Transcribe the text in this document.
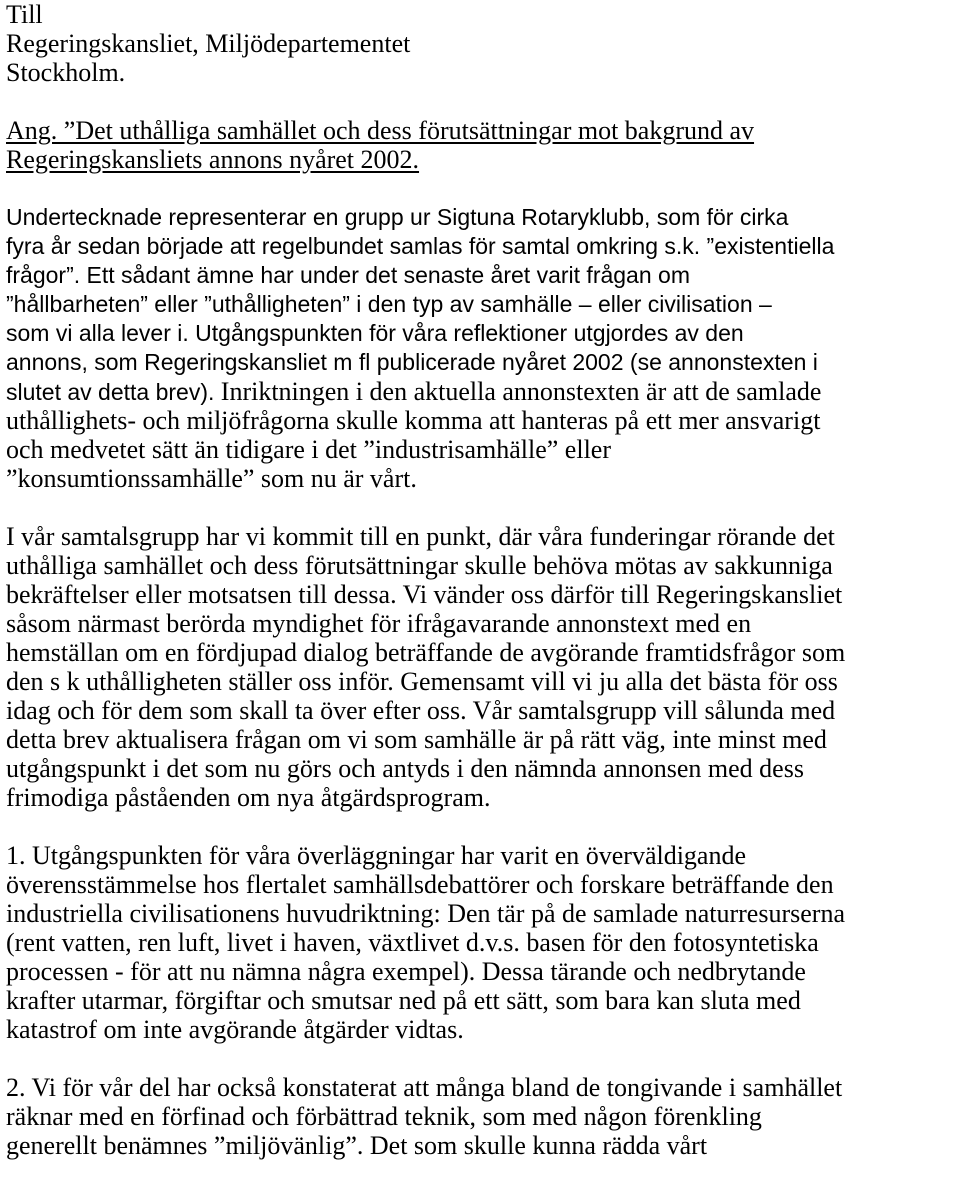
Till
Regeringskansliet, Miljödepartementet
Stockholm.
Ang. ”Det uthålliga samhället och dess förutsättningar mot bakgrund av
Regeringskansliets annons nyåret 2002.
Undertecknade representerar en grupp ur Sigtuna Rotaryklubb, som för cirka
fyra år sedan började att regelbundet samlas för samtal omkring s.k. ”existentiella
frågor”. Ett sådant ämne har under det senaste året varit frågan om
”hållbarheten” eller ”uthålligheten” i den typ av samhälle – eller civilisation –
som vi alla lever i. Utgångspunkten för våra reflektioner utgjordes av den
annons, som Regeringskansliet m fl publicerade nyåret 2002 (se annonstexten i
slutet av detta brev). Inriktningen i den aktuella annonstexten är att de samlade
uthållighets- och miljöfrågorna skulle komma att hanteras på ett mer ansvarigt
och medvetet sätt än tidigare i det ”industrisamhälle” eller
”konsumtionssamhälle” som nu är vårt.
I vår samtalsgrupp har vi kommit till en punkt, där våra funderingar rörande det
uthålliga samhället och dess förutsättningar skulle behöva mötas av sakkunniga
bekräftelser eller motsatsen till dessa. Vi vänder oss därför till Regeringskansliet
såsom närmast berörda myndighet för ifrågavarande annonstext med en
hemställan om en fördjupad dialog beträffande de avgörande framtidsfrågor som
den s k uthålligheten ställer oss inför. Gemensamt vill vi ju alla det bästa för oss
idag och för dem som skall ta över efter oss. Vår samtalsgrupp vill sålunda med
detta brev aktualisera frågan om vi som samhälle är på rätt väg, inte minst med
utgångspunkt i det som nu görs och antyds i den nämnda annonsen med dess
frimodiga påståenden om nya åtgärdsprogram.
1. Utgångspunkten för våra överläggningar har varit en överväldigande
överensstämmelse hos flertalet samhällsdebattörer och forskare beträffande den
industriella civilisationens huvudriktning: Den tär på de samlade naturresurserna
(rent vatten, ren luft, livet i haven, växtlivet d.v.s. basen för den fotosyntetiska
processen - för att nu nämna några exempel). Dessa tärande och nedbrytande
krafter utarmar, förgiftar och smutsar ned på ett sätt, som bara kan sluta med
katastrof om inte avgörande åtgärder vidtas.
2. Vi för vår del har också konstaterat att många bland de tongivande i samhället
räknar med en förfinad och förbättrad teknik, som med någon förenkling
generellt benämnes ”miljövänlig”. Det som skulle kunna rädda vårt
